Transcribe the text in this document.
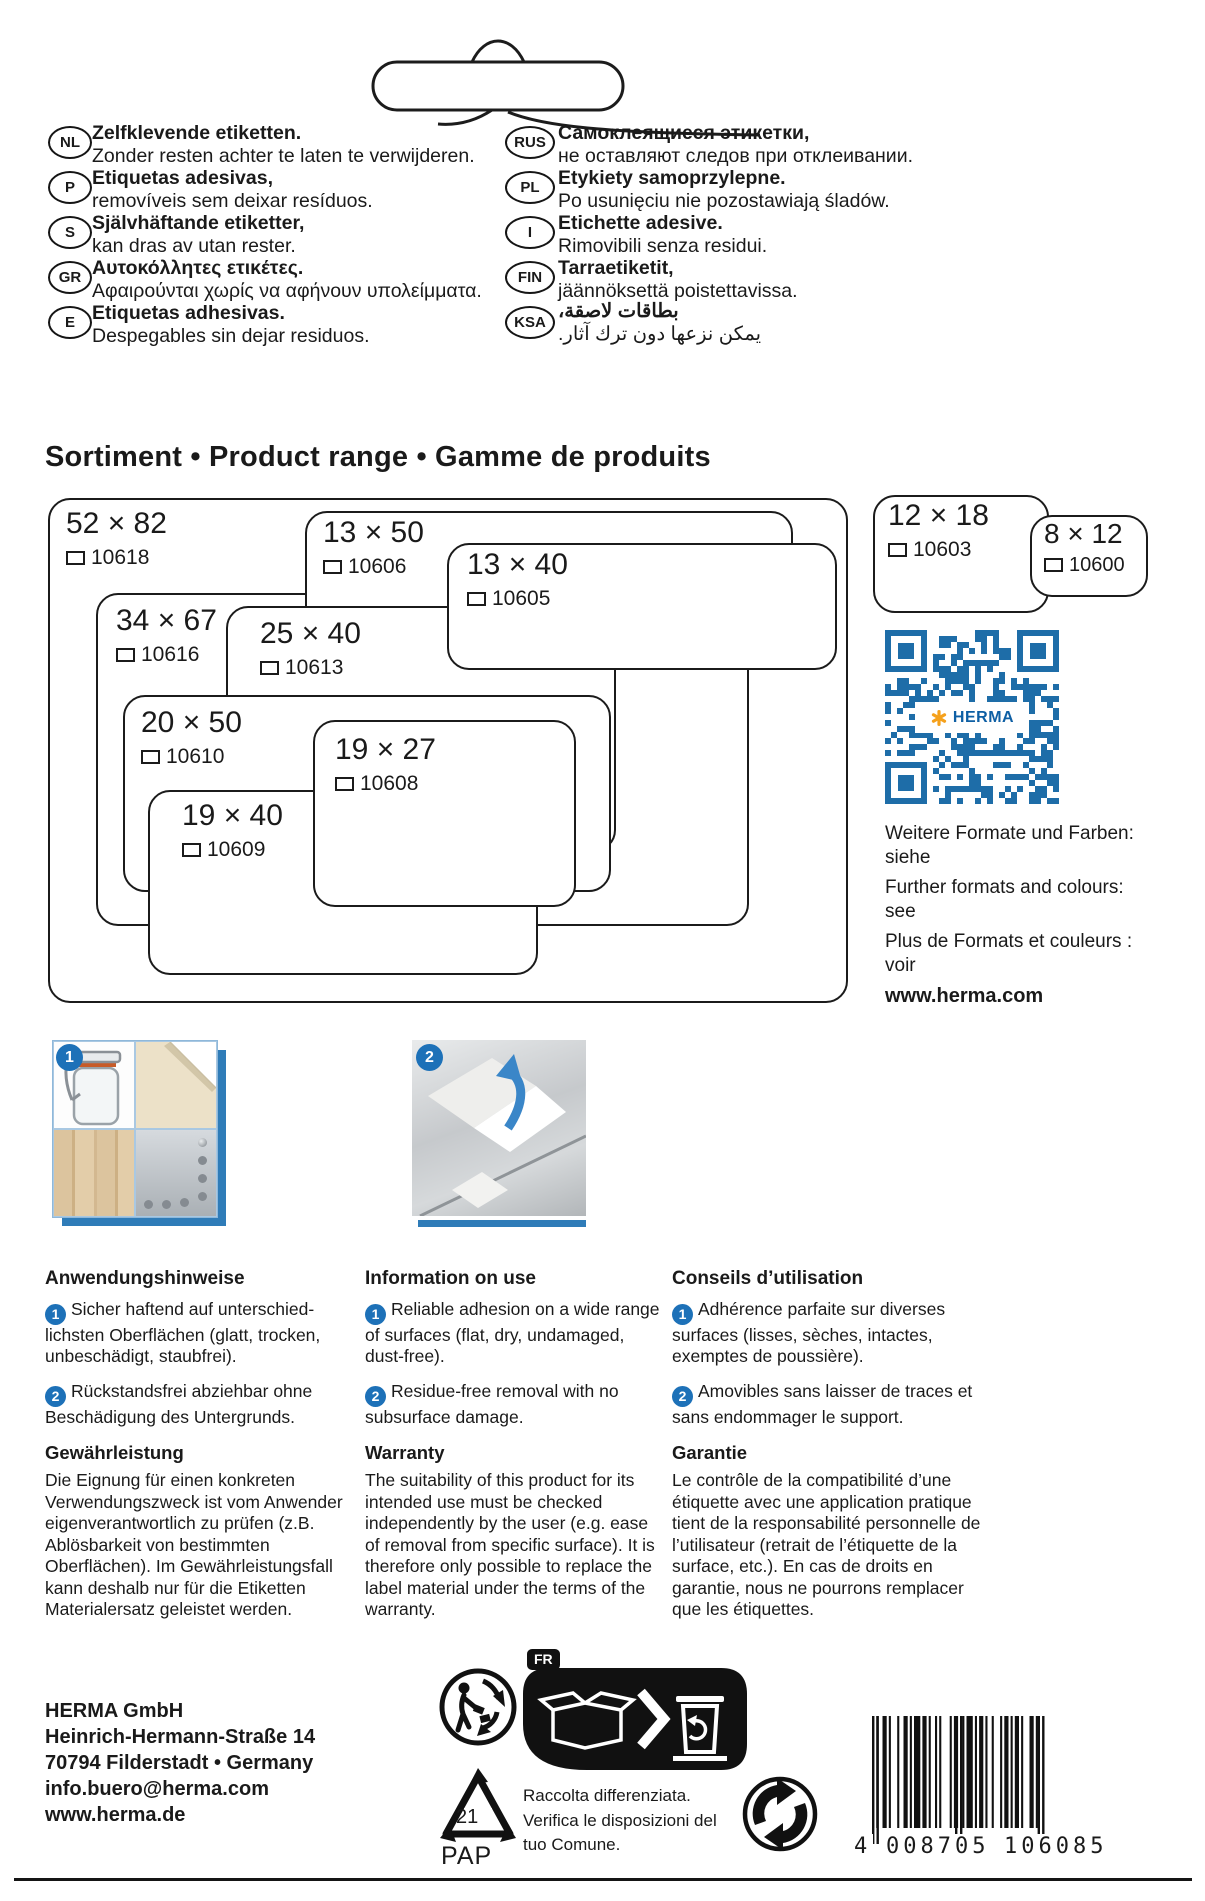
NL Zelfklevende etiketten.
Zonder resten achter te laten te verwijderen.
P Etiquetas adesivas,
removíveis sem deixar resíduos.
S Självhäftande etiketter,
kan dras av utan rester.
GR Αυτοκόλλητες ετικέτες.
Αφαιρούνται χωρίς να αφήνουν υπολείμματα.
E Etiquetas adhesivas.
Despegables sin dejar residuos.
RUS Самоклеящиеся этикетки,
не оставляют следов при отклеивании.
PL Etykiety samoprzylepne.
Po usunięciu nie pozostawiają śladów.
I Etichette adesive.
Rimovibili senza residui.
FIN Tarraetiketit,
jäännöksettä poistettavissa.
KSA
بطاقات لاصقة،
يمكن نزعها دون ترك آثار.
Sortiment • Product range • Gamme de produits
52 × 82
10618
34 × 67
10616
13 × 50
10606
25 × 40
10613
13 × 40
10605
20 × 50
10610
19 × 40
10609
19 × 27
10608
12 × 18
10603
8 × 12
10600
HERMA
Weitere Formate und Farben: siehe
Further formats and colours: see
Plus de Formats et couleurs : voir
www.herma.com
1	2
Anwendungshinweise

1 Sicher haftend auf unterschied-lichsten Oberflächen (glatt, trocken, unbeschädigt, staubfrei).

2 Rückstandsfrei abziehbar ohne Beschädigung des Untergrunds.

Gewährleistung

Die Eignung für einen konkreten Verwendungszweck ist vom Anwender eigenverantwortlich zu prüfen (z.B. Ablösbarkeit von bestimmten Oberflächen). Im Gewährleistungsfall kann deshalb nur für die Etiketten Materialersatz geleistet werden.

Information on use

1 Reliable adhesion on a wide range of surfaces (flat, dry, undamaged, dust-free).

2 Residue-free removal with no subsurface damage.

Warranty

The suitability of this product for its intended use must be checked independently by the user (e.g. ease of removal from specific surface). It is therefore only possible to replace the label material under the terms of the warranty.

Conseils d’utilisation

1 Adhérence parfaite sur diverses surfaces (lisses, sèches, intactes, exemptes de poussière).

2 Amovibles sans laisser de traces et sans endommager le support.

Garantie

Le contrôle de la compatibilité d’une étiquette avec une application pratique tient de la responsabilité personnelle de l’utilisateur (retrait de l’étiquette de la surface, etc.). En cas de droits en garantie, nous ne pourrons remplacer que les étiquettes.

HERMA GmbH
Heinrich-Hermann-Straße 14
70794 Filderstadt • Germany
info.buero@herma.com
www.herma.de
FR
21
PAP
Raccolta differenziata. Verifica le disposizioni del tuo Comune.	4 008705 106085
